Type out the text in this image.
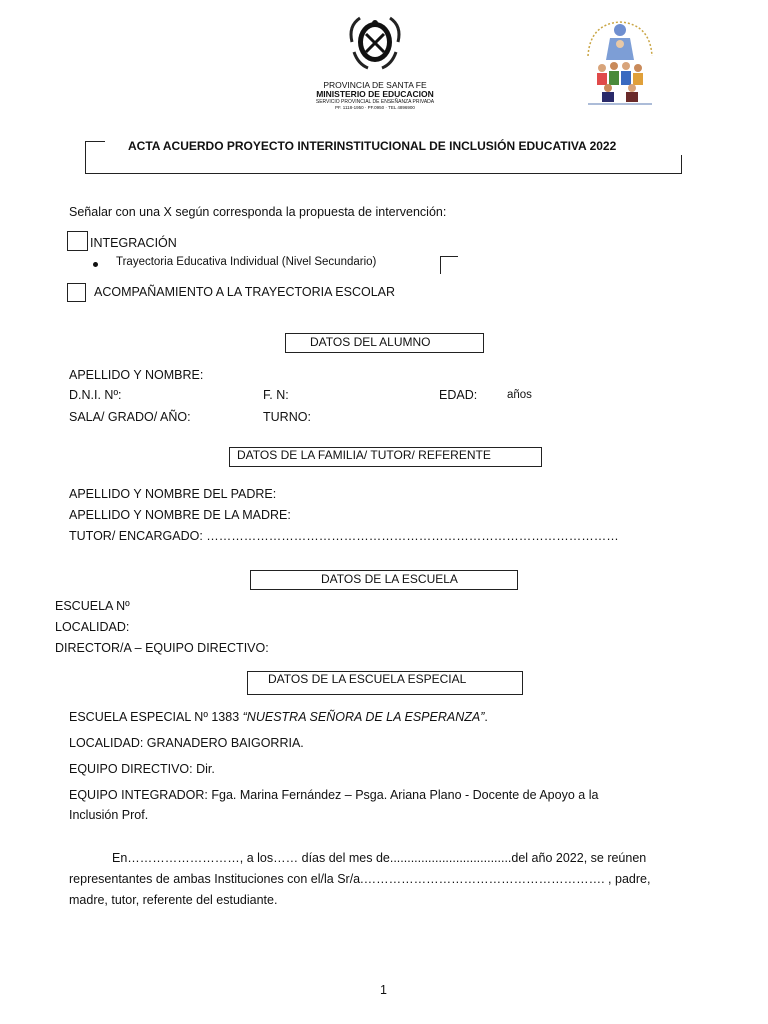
PROVINCIA DE SANTA FE
MINISTERIO DE EDUCACION
SERVICIO PROVINCIAL DE ENSEÑANZA PRIVADA
PF. 1118-1950 · PF.0950 · TEL 4896900
ACTA ACUERDO PROYECTO INTERINSTITUCIONAL DE INCLUSIÓN EDUCATIVA 2022
Señalar con una X según corresponda la propuesta de intervención:
INTEGRACIÓN
Trayectoria Educativa Individual (Nivel Secundario)
ACOMPAÑAMIENTO A LA TRAYECTORIA ESCOLAR
DATOS DEL ALUMNO
APELLIDO Y NOMBRE:
D.N.I. Nº:	F. N:	EDAD:	años
SALA/ GRADO/ AÑO:	TURNO:
DATOS DE LA FAMILIA/ TUTOR/ REFERENTE
APELLIDO Y NOMBRE DEL PADRE:
APELLIDO Y NOMBRE DE LA MADRE:
TUTOR/ ENCARGADO: ………………………………………………………………………………………
DATOS DE LA ESCUELA
ESCUELA Nº
LOCALIDAD:
DIRECTOR/A – EQUIPO DIRECTIVO:
DATOS DE LA ESCUELA ESPECIAL
ESCUELA ESPECIAL Nº 1383 “NUESTRA SEÑORA DE LA ESPERANZA”.
LOCALIDAD: GRANADERO BAIGORRIA.
EQUIPO DIRECTIVO: Dir.
EQUIPO INTEGRADOR: Fga. Marina Fernández – Psga. Ariana Plano - Docente de Apoyo a la
Inclusión Prof.
En………………………, a los…… días del mes de...................................del año 2022, se reúnen
representantes de ambas Instituciones con el/la Sr/a.…………………………………………………. , padre,
madre, tutor, referente del estudiante.
1
